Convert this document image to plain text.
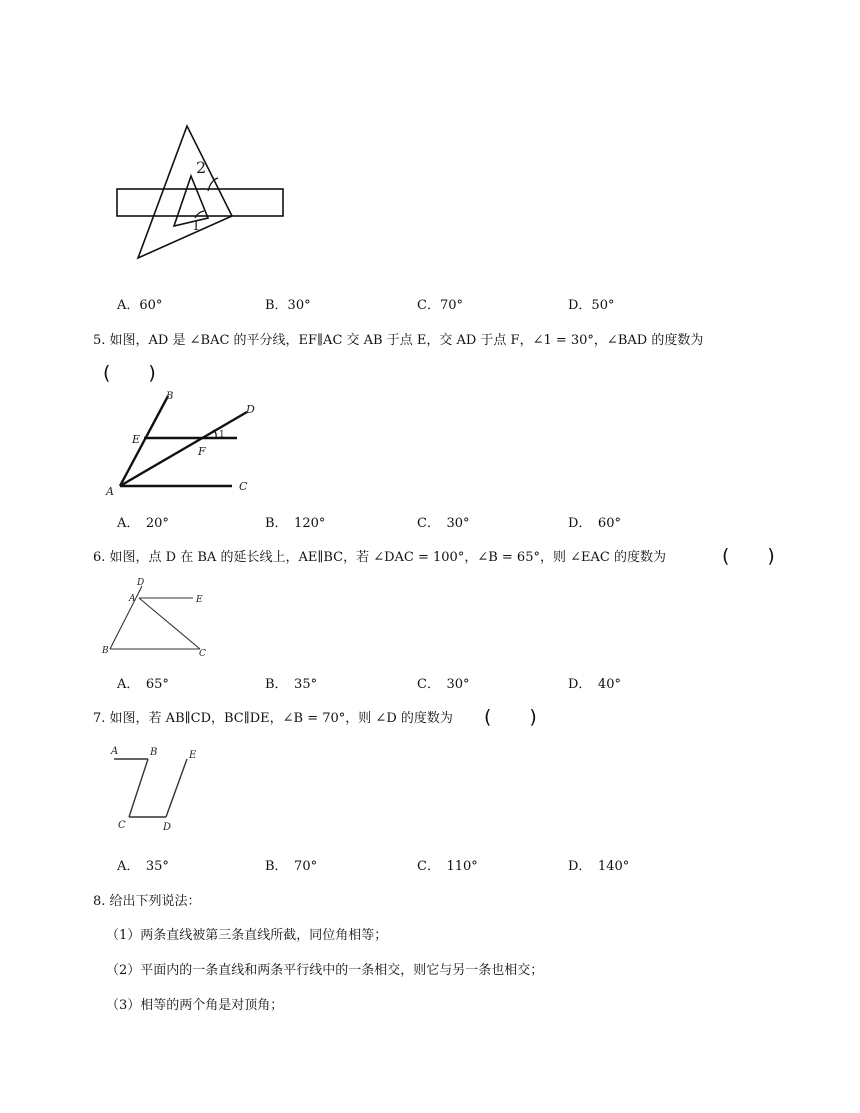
2
1
A．60°	B．30°	C．70°	D．50°
5. 如图，AD 是 ∠BAC 的平分线，EF∥AC 交 AB 于点 E，交 AD 于点 F，∠1 = 30°，∠BAD 的度数为
(　　)
B
D
E
F
1
A	C
A．　20°	B．　120°	C．　30°	D．　60°
6. 如图，点 D 在 BA 的延长线上，AE∥BC，若 ∠DAC = 100°，∠B = 65°，则 ∠EAC 的度数为	(　　)
D
A	E
B	C
A．　65°	B．　35°	C．　30°	D．　40°
7. 如图，若 AB∥CD，BC∥DE，∠B = 70°，则 ∠D 的度数为 (　　)
A	B	E
C	D
A．　35°	B．　70°	C．　110°	D．　140°
8. 给出下列说法：
（1）两条直线被第三条直线所截，同位角相等；
（2）平面内的一条直线和两条平行线中的一条相交，则它与另一条也相交；
（3）相等的两个角是对顶角；
